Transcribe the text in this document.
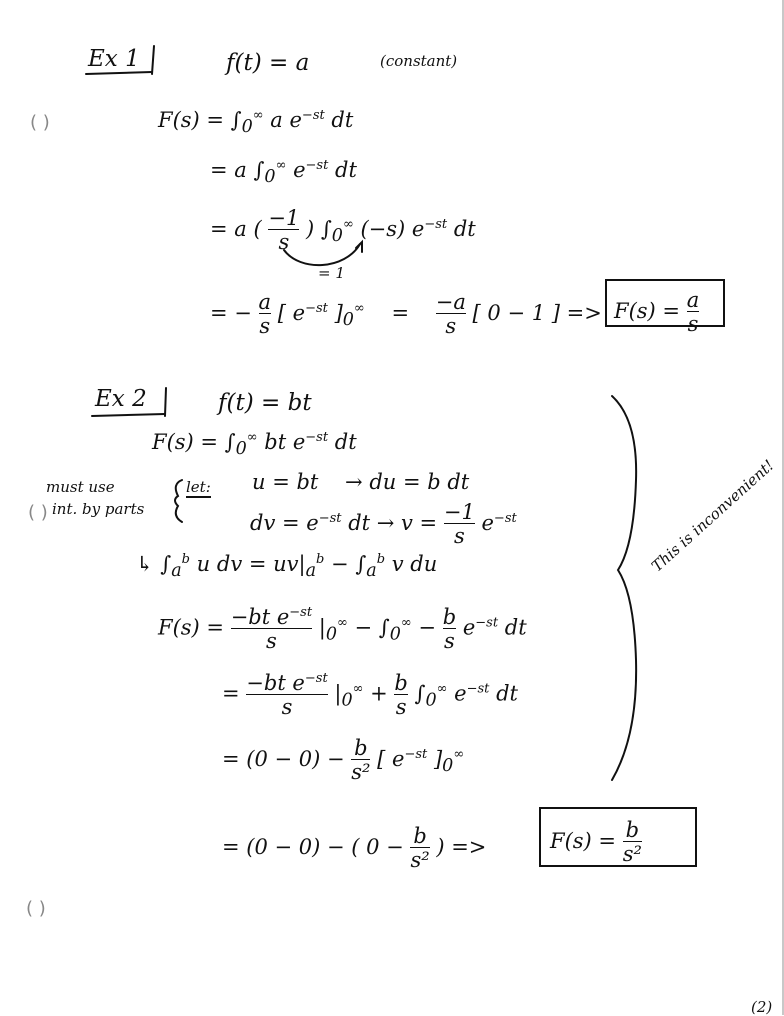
( )
( )
( )
Ex 1	f(t) = a	(constant)
$F(s) = \int_0^\infty$ a $e^{-st}$ dt
= a $\int_0^\infty$ $e^{-st}$ dt
= a ( $\frac{-1}{s}$ ) $\int_0^\infty$ (−s) $e^{-st}$ dt
= 1
= − $\frac{a}{s}$ [ $e^{-st}$ ]$_0^\infty$    = $\frac{-a}{s}$ [ 0 − 1 ] => $F(s) = \frac{a}{s}$
Ex 2	f(t) = bt
$F(s) = \int_0^\infty$ bt $e^{-st}$ dt
must use
int. by parts
let: u = bt    → du = b dt
dv = $e^{-st}$ dt → $v = \frac{-1}{s} e^{-st}$
↳ $\int_a^b$ u dv = $uv|_a^b - \int_a^b$ v du
$F(s) = \frac{-bt e^{-st}}{s} |_0^\infty - \int_0^\infty - \frac{b}{s} e^{-st}$ dt
= $\frac{-bt e^{-st}}{s} |_0^\infty + \frac{b}{s} \int_0^\infty$ $e^{-st}$ dt
= $(0 - 0) - \frac{b}{\text{s²}}$ [ $e^{-st}$ ]$_0^\infty$
= (0 − 0) − ( $0 - \frac{b}{\text{s²}}$ ) =>	$F(s) = \frac{b}{\text{s²}}$
This is inconvenient!
(2)
